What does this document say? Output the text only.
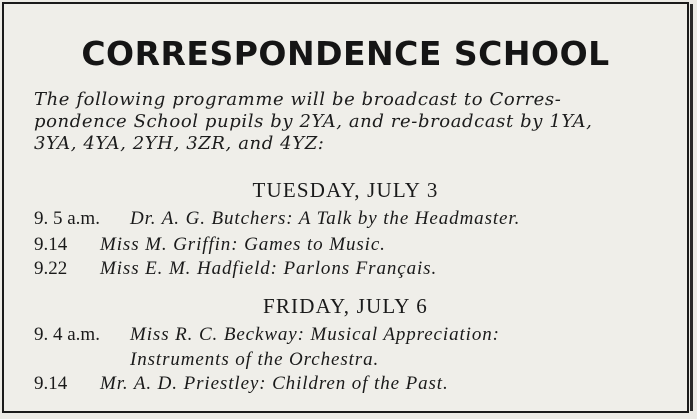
CORRESPONDENCE SCHOOL
The following programme will be broadcast to Corres-
pondence School pupils by 2YA, and re-broadcast by 1YA,
3YA, 4YA, 2YH, 3ZR, and 4YZ:
TUESDAY, JULY 3
9. 5 a.m. Dr. A. G. Butchers: A Talk by the Headmaster.
9.14 Miss M. Griffin: Games to Music.
9.22 Miss E. M. Hadfield: Parlons Français.
FRIDAY, JULY 6
9. 4 a.m. Miss R. C. Beckway: Musical Appreciation:
Instruments of the Orchestra.
9.14 Mr. A. D. Priestley: Children of the Past.
